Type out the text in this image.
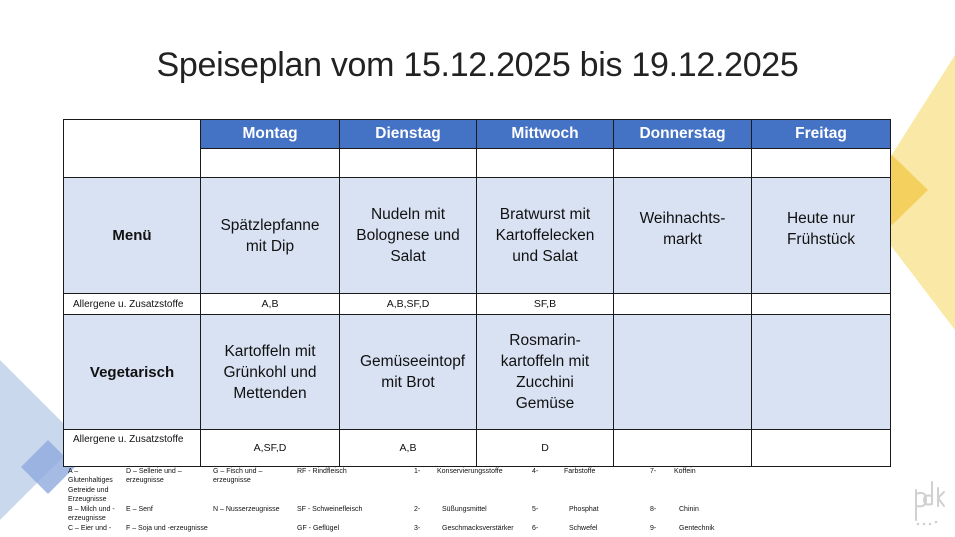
Speiseplan vom 15.12.2025 bis 19.12.2025
	Montag	Dienstag	Mittwoch	Donnerstag	Freitag

Menü	Spätzlepfanne mit Dip	Nudeln mit Bolognese und Salat	Bratwurst mit Kartoffelecken und Salat	Weihnachts-markt	Heute nur Frühstück

Allergene u. Zusatzstoffe	A,B	A,B,SF,D	SF,B		
Vegetarisch	Kartoffeln mit Grünkohl und Mettenden	Gemüseeintopf mit Brot	Rosmarin-kartoffeln mit Zucchini Gemüse		

Allergene u. Zusatzstoffe	A,SF,D	A,B	D		
A – Glutenhaltiges Getreide und Erzeugnisse
B – Milch und -erzeugnisse
C – Eier und -
D – Sellerie und –erzeugnisse
E – Senf
F – Soja und -erzeugnisse
G – Fisch und –erzeugnisse
N – Nusserzeugnisse
RF - Rindfleisch
SF - Schweinefleisch
GF - Geflügel
1- Konservierungsstoffe
2-	Süßungsmittel
3-	Geschmacksverstärker
4-	Farbstoffe
5-	Phosphat
6-	Schwefel
7-	Koffein
8-	Chinin
9-	Gentechnik
